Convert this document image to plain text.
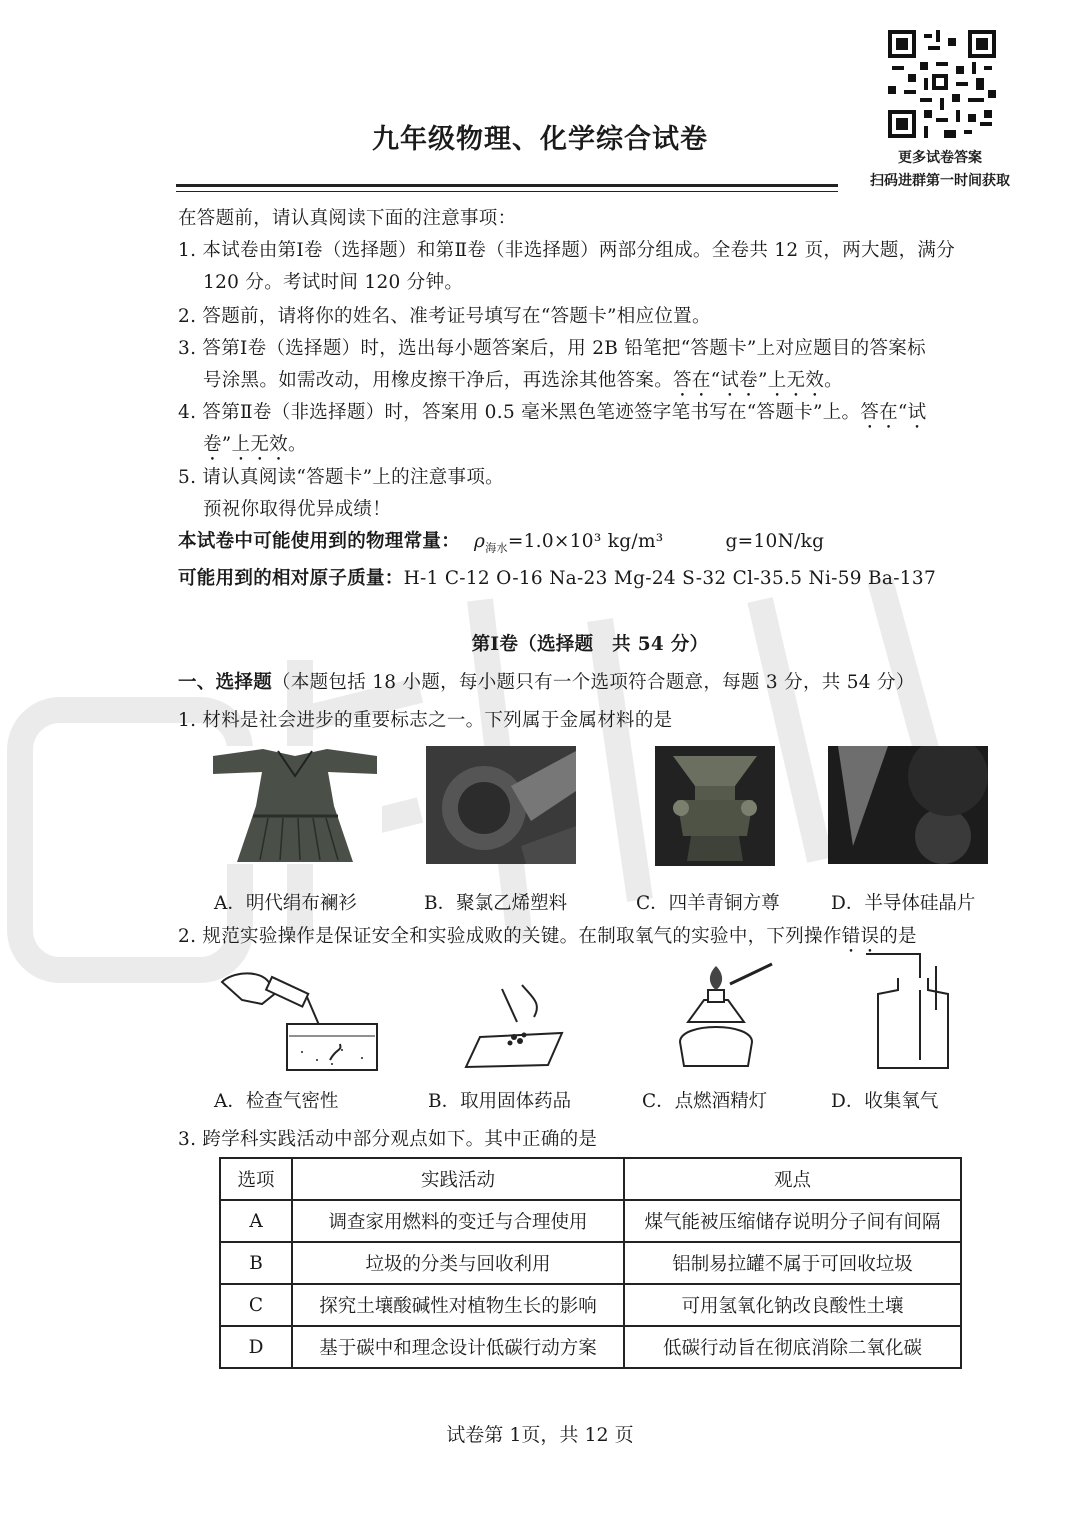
九年级物理、化学综合试卷
更多试卷答案
扫码进群第一时间获取
在答题前，请认真阅读下面的注意事项：
1. 本试卷由第Ⅰ卷（选择题）和第Ⅱ卷（非选择题）两部分组成。全卷共 12 页，两大题，满分
120 分。考试时间 120 分钟。
2. 答题前，请将你的姓名、准考证号填写在“答题卡”相应位置。
3. 答第Ⅰ卷（选择题）时，选出每小题答案后，用 2B 铅笔把“答题卡”上对应题目的答案标
号涂黑。如需改动，用橡皮擦干净后，再选涂其他答案。答在“试卷”上无效。
4. 答第Ⅱ卷（非选择题）时，答案用 0.5 毫米黑色笔迹签字笔书写在“答题卡”上。答在“试
卷”上无效。
5. 请认真阅读“答题卡”上的注意事项。
预祝你取得优异成绩！
本试卷中可能使用到的物理常量： $\rho_{海水}=1.0\times 10^3$ kg/m³	g=10N/kg
可能用到的相对原子质量：H-1 C-12 O-16 Na-23 Mg-24 S-32 Cl-35.5 Ni-59 Ba-137
第Ⅰ卷（选择题　共 54 分）
一、选择题（本题包括 18 小题，每小题只有一个选项符合题意，每题 3 分，共 54 分）
1. 材料是社会进步的重要标志之一。下列属于金属材料的是
A．明代绢布襕衫	B．聚氯乙烯塑料	C．四羊青铜方尊	D．半导体硅晶片
2. 规范实验操作是保证安全和实验成败的关键。在制取氧气的实验中，下列操作错误的是
A．检查气密性	B．取用固体药品	C．点燃酒精灯	D．收集氧气
3. 跨学科实践活动中部分观点如下。其中正确的是
选项	实践活动	观点
A	调查家用燃料的变迁与合理使用	煤气能被压缩储存说明分子间有间隔
B	垃圾的分类与回收利用	铝制易拉罐不属于可回收垃圾
C	探究土壤酸碱性对植物生长的影响	可用氢氧化钠改良酸性土壤
D	基于碳中和理念设计低碳行动方案	低碳行动旨在彻底消除二氧化碳
试卷第 1页，共 12 页
